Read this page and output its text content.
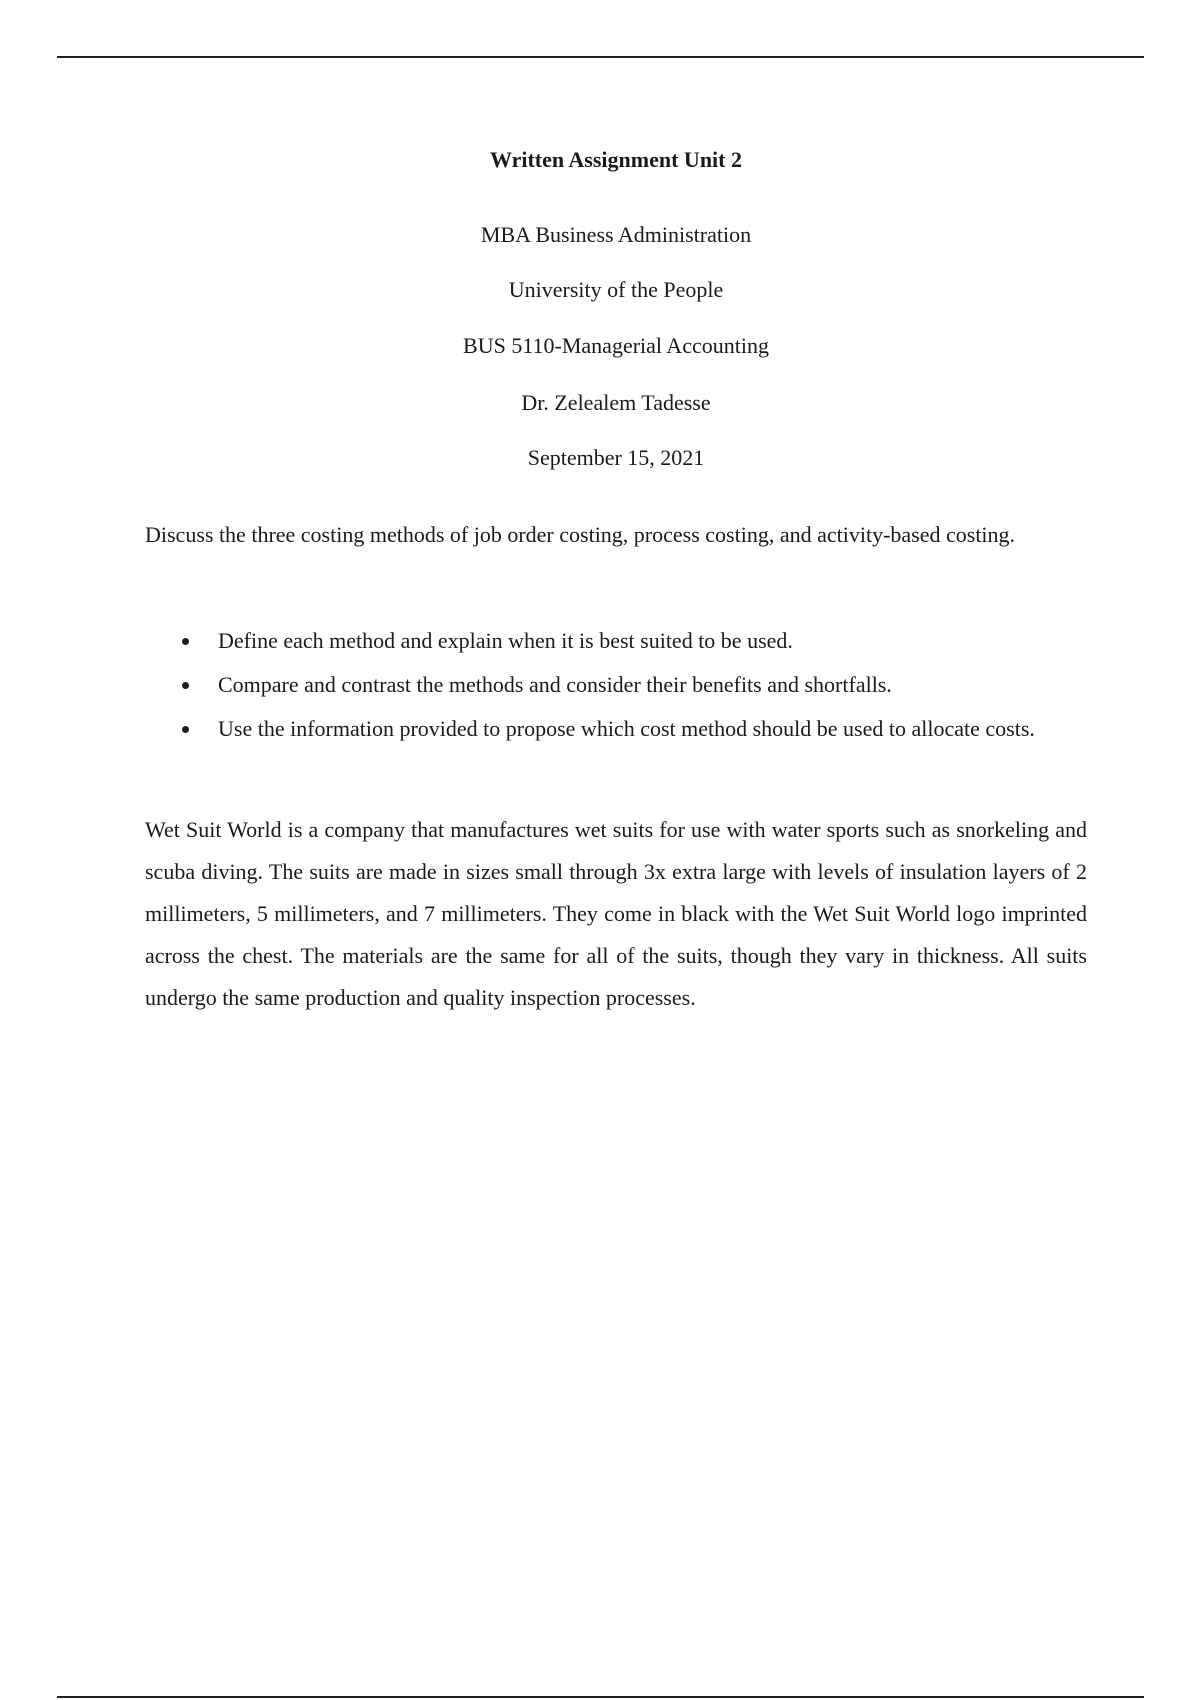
Written Assignment Unit 2
MBA Business Administration
University of the People
BUS 5110-Managerial Accounting
Dr. Zelealem Tadesse
September 15, 2021

Discuss the three costing methods of job order costing, process costing, and activity-based costing.

Define each method and explain when it is best suited to be used.
Compare and contrast the methods and consider their benefits and shortfalls.
Use the information provided to propose which cost method should be used to allocate costs.

Wet Suit World is a company that manufactures wet suits for use with water sports such as snorkeling and scuba diving. The suits are made in sizes small through 3x extra large with levels of insulation layers of 2 millimeters, 5 millimeters, and 7 millimeters. They come in black with the Wet Suit World logo imprinted across the chest. The materials are the same for all of the suits, though they vary in thickness. All suits undergo the same production and quality inspection processes.
